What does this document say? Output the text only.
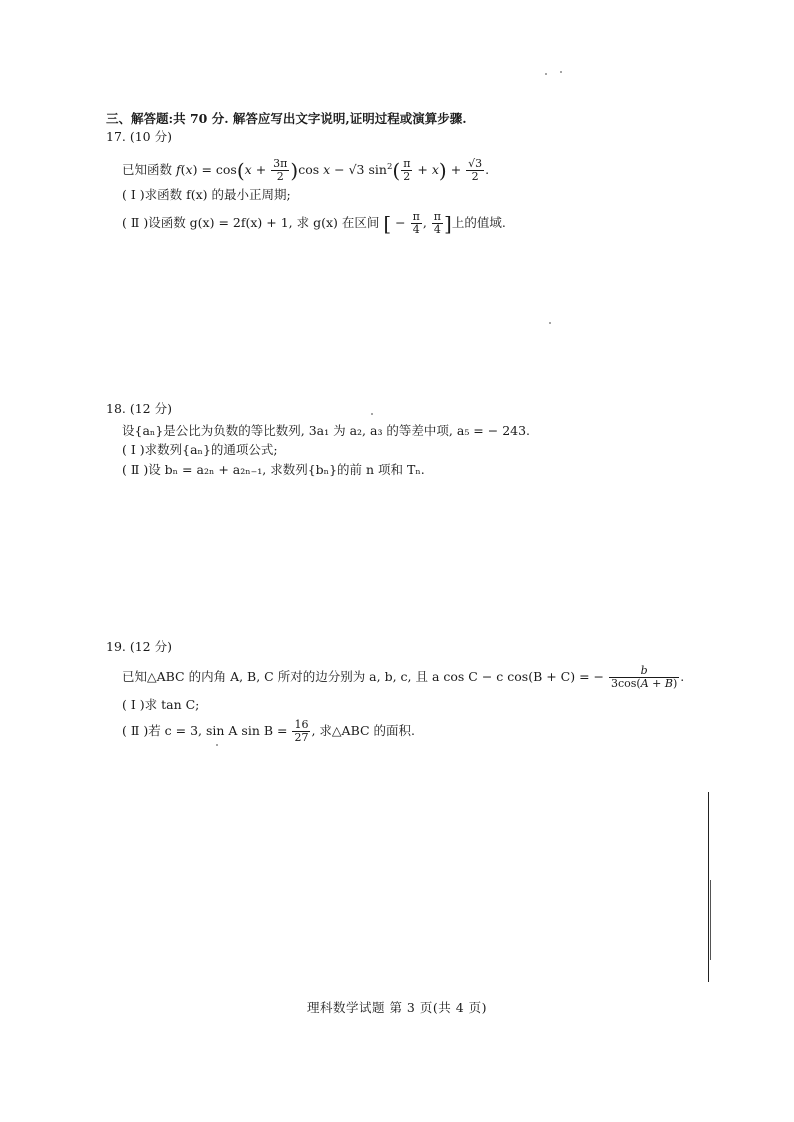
三、解答题:共 70 分. 解答应写出文字说明,证明过程或演算步骤.
17. (10 分)
已知函数 $f(x) = \cos(x + \frac{3\pi}{2} )\cos$ x − √3 $\sin^2( \frac{\pi}{2} + x) + \frac{√3}{2}$ .
( Ⅰ )求函数 f(x) 的最小正周期;
( Ⅱ )设函数 g(x) = 2f(x) + 1, 求 g(x) 在区间 [ − $\frac{\pi}{4}$ , $\frac{\pi}{4}$ ]上的值域.
18. (12 分)
设{aₙ}是公比为负数的等比数列, 3a₁ 为 a₂, a₃ 的等差中项, a₅ = − 243.
( Ⅰ )求数列{aₙ}的通项公式;
( Ⅱ )设 bₙ = a₂ₙ + a₂ₙ₋₁, 求数列{bₙ}的前 n 项和 Tₙ.
19. (12 分)
已知△ABC 的内角 A, B, C 所对的边分别为 a, b, c, 且 a cos C − c cos(B + C) = − $\frac{b}{3\cos(A + B)}$ .
( Ⅰ )求 tan C;
( Ⅱ )若 c = 3, sin A $\sin B = \frac{16}{27}$ , 求△ABC 的面积.
理科数学试题 第 3 页(共 4 页)
